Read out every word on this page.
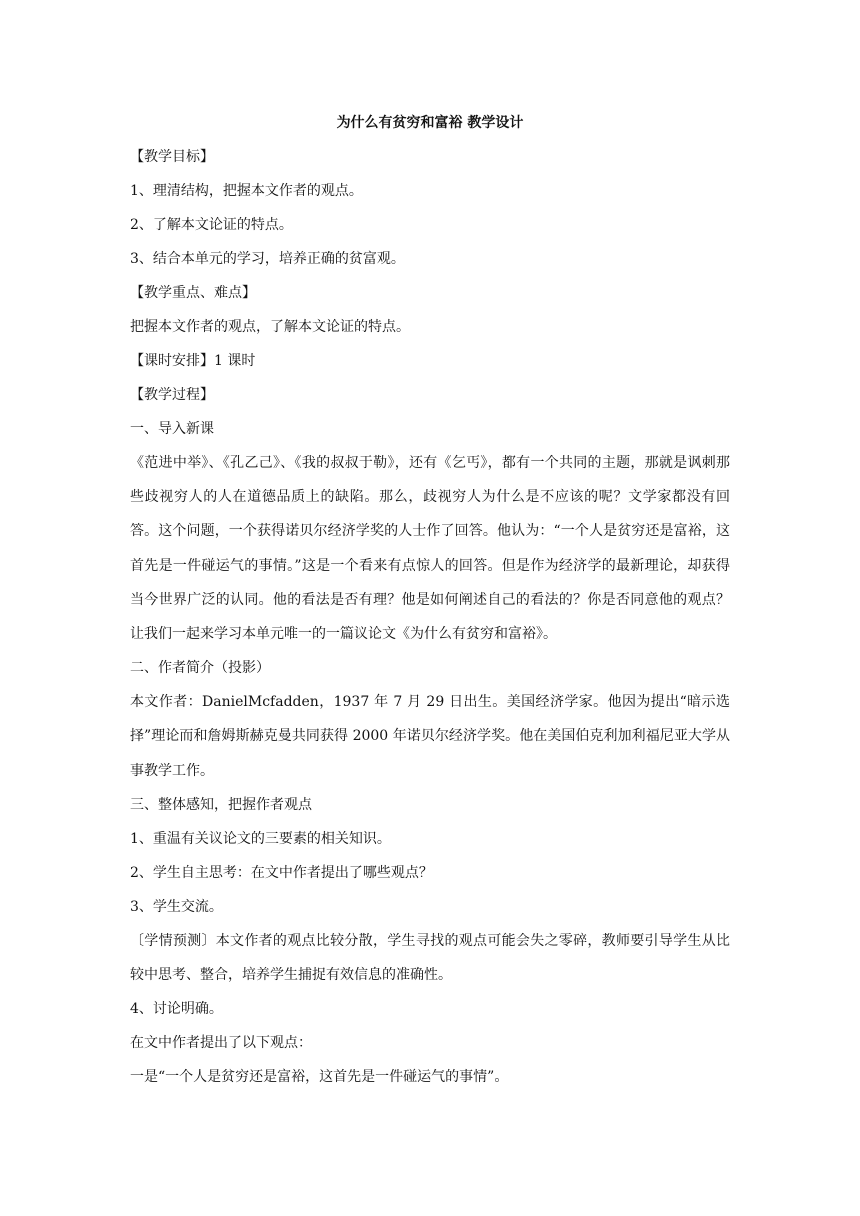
为什么有贫穷和富裕 教学设计

【教学目标】

1、理清结构，把握本文作者的观点。

2、了解本文论证的特点。

3、结合本单元的学习，培养正确的贫富观。

【教学重点、难点】

把握本文作者的观点，了解本文论证的特点。

【课时安排】1 课时

【教学过程】

一、导入新课

《范进中举》、《孔乙己》、《我的叔叔于勒》，还有《乞丐》，都有一个共同的主题，那就是讽刺那些歧视穷人的人在道德品质上的缺陷。那么，歧视穷人为什么是不应该的呢？文学家都没有回答。这个问题，一个获得诺贝尔经济学奖的人士作了回答。他认为：“一个人是贫穷还是富裕，这首先是一件碰运气的事情。”这是一个看来有点惊人的回答。但是作为经济学的最新理论，却获得当今世界广泛的认同。他的看法是否有理？他是如何阐述自己的看法的？你是否同意他的观点？让我们一起来学习本单元唯一的一篇议论文《为什么有贫穷和富裕》。

二、作者简介（投影）

本文作者：DanielMcfadden，1937 年 7 月 29 日出生。美国经济学家。他因为提出“暗示选择”理论而和詹姆斯赫克曼共同获得 2000 年诺贝尔经济学奖。他在美国伯克利加利福尼亚大学从事教学工作。

三、整体感知，把握作者观点

1、重温有关议论文的三要素的相关知识。

2、学生自主思考：在文中作者提出了哪些观点？

3、学生交流。

〔学情预测〕本文作者的观点比较分散，学生寻找的观点可能会失之零碎，教师要引导学生从比较中思考、整合，培养学生捕捉有效信息的准确性。

4、讨论明确。

在文中作者提出了以下观点：

一是“一个人是贫穷还是富裕，这首先是一件碰运气的事情”。
